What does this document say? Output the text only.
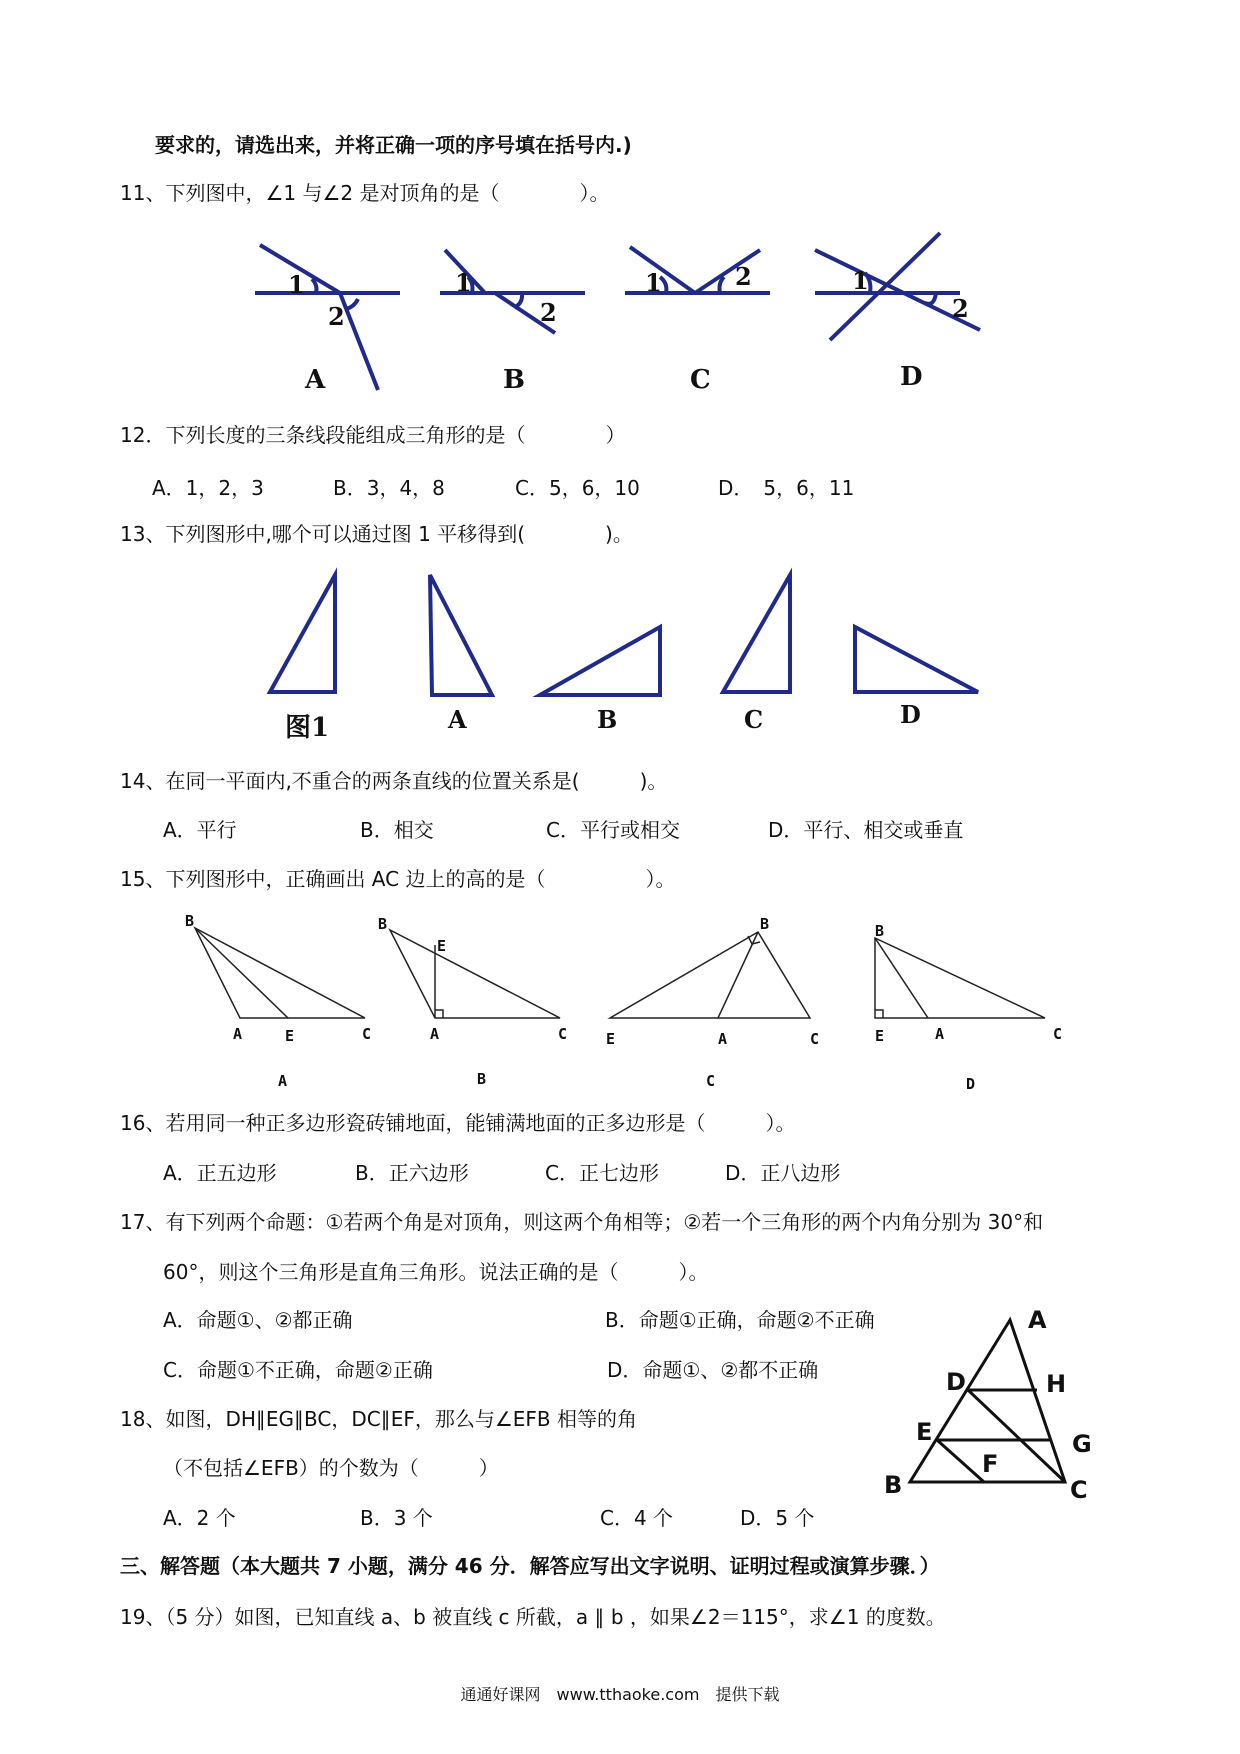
要求的，请选出来，并将正确一项的序号填在括号内.)
11、下列图中，∠1 与∠2 是对顶角的是（　　　　）。
1
2
1
2
1	2	1
2
A	B	C	D
12．下列长度的三条线段能组成三角形的是（　　　　）
A．1，2，3	B．3，4，8	C．5，6，10	D．　5，6，11
13、下列图形中,哪个可以通过图 1 平移得到(　　　　)。
图1	A	B	C	D
14、在同一平面内,不重合的两条直线的位置关系是(　　　)。
A．平行	B．相交	C．平行或相交	D．平行、相交或垂直
15、下列图形中，正确画出 AC 边上的高的是（　　　　　）。
B
A	E	C
B
E
A	C
B
E	A	C
B
E	A	C
A	B	C	D
16、若用同一种正多边形瓷砖铺地面，能铺满地面的正多边形是（　　　）。
A．正五边形	B．正六边形	C．正七边形	D．正八边形
17、有下列两个命题：①若两个角是对顶角，则这两个角相等；②若一个三角形的两个内角分别为 30°和
60°，则这个三角形是直角三角形。说法正确的是（　　　）。
A．命题①、②都正确	B．命题①正确，命题②不正确
C．命题①不正确，命题②正确	D．命题①、②都不正确
18、如图，DH∥EG∥BC，DC∥EF，那么与∠EFB 相等的角
（不包括∠EFB）的个数为（　　　）
A．2 个	B．3 个	C．4 个	D．5 个
A
D	H
E	G
F
B	C
三、解答题（本大题共 7 小题，满分 46 分．解答应写出文字说明、证明过程或演算步骤．）
19、（5 分）如图，已知直线 a、b 被直线 c 所截，a ∥ b ，如果∠2＝115°，求∠1 的度数。
通通好课网　www.tthaoke.com　提供下载
